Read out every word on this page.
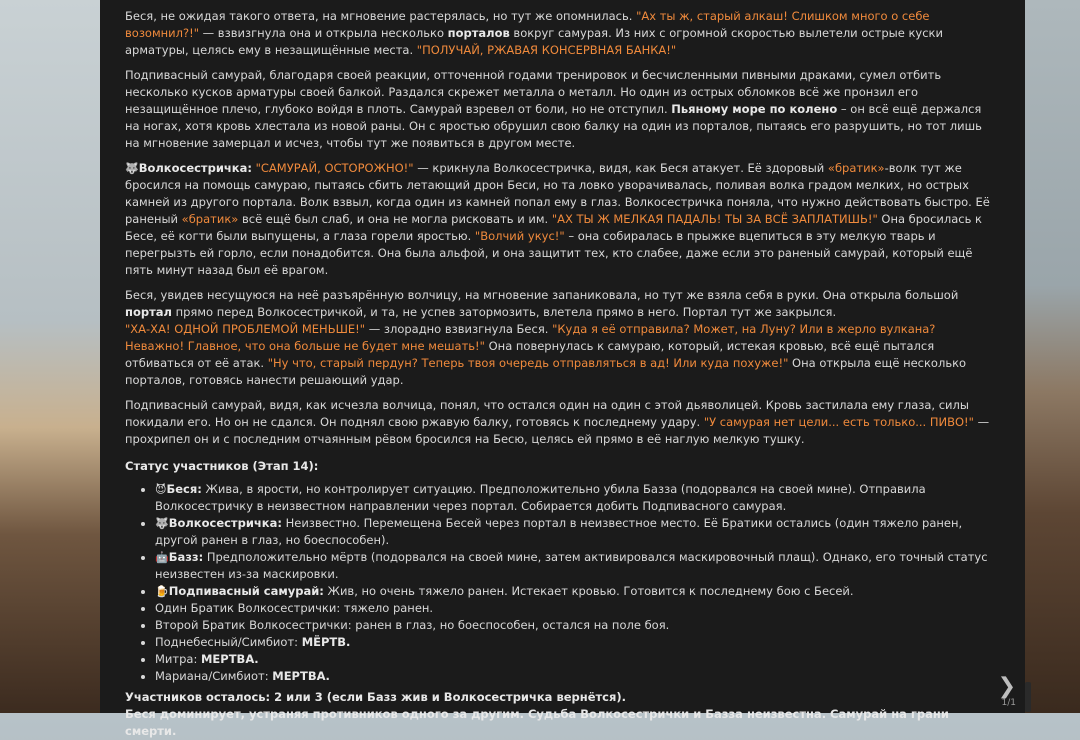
Беся, не ожидая такого ответа, на мгновение растерялась, но тут же опомнилась. "Ах ты ж, старый алкаш! Слишком много о себе возомнил?!" — взвизгнула она и открыла несколько порталов вокруг самурая. Из них с огромной скоростью вылетели острые куски арматуры, целясь ему в незащищённые места. "ПОЛУЧАЙ, РЖАВАЯ КОНСЕРВНАЯ БАНКА!"

Подпивасный самурай, благодаря своей реакции, отточенной годами тренировок и бесчисленными пивными драками, сумел отбить несколько кусков арматуры своей балкой. Раздался скрежет металла о металл. Но один из острых обломков всё же пронзил его незащищённое плечо, глубоко войдя в плоть. Самурай взревел от боли, но не отступил. Пьяному море по колено – он всё ещё держался на ногах, хотя кровь хлестала из новой раны. Он с яростью обрушил свою балку на один из порталов, пытаясь его разрушить, но тот лишь на мгновение замерцал и исчез, чтобы тут же появиться в другом месте.

🐺Волкосестричка: "САМУРАЙ, ОСТОРОЖНО!" — крикнула Волкосестричка, видя, как Беся атакует. Её здоровый «братик»-волк тут же бросился на помощь самураю, пытаясь сбить летающий дрон Беси, но та ловко уворачивалась, поливая волка градом мелких, но острых камней из другого портала. Волк взвыл, когда один из камней попал ему в глаз. Волкосестричка поняла, что нужно действовать быстро. Её раненый «братик» всё ещё был слаб, и она не могла рисковать и им. "АХ ТЫ Ж МЕЛКАЯ ПАДАЛЬ! ТЫ ЗА ВСЁ ЗАПЛАТИШЬ!" Она бросилась к Бесе, её когти были выпущены, а глаза горели яростью. "Волчий укус!" – она собиралась в прыжке вцепиться в эту мелкую тварь и перегрызть ей горло, если понадобится. Она была альфой, и она защитит тех, кто слабее, даже если это раненый самурай, который ещё пять минут назад был её врагом.

Беся, увидев несущуюся на неё разъярённую волчицу, на мгновение запаниковала, но тут же взяла себя в руки. Она открыла большой портал прямо перед Волкосестричкой, и та, не успев затормозить, влетела прямо в него. Портал тут же закрылся.
"ХА-ХА! ОДНОЙ ПРОБЛЕМОЙ МЕНЬШЕ!" — злорадно взвизгнула Беся. "Куда я её отправила? Может, на Луну? Или в жерло вулкана? Неважно! Главное, что она больше не будет мне мешать!" Она повернулась к самураю, который, истекая кровью, всё ещё пытался отбиваться от её атак. "Ну что, старый пердун? Теперь твоя очередь отправляться в ад! Или куда похуже!" Она открыла ещё несколько порталов, готовясь нанести решающий удар.

Подпивасный самурай, видя, как исчезла волчица, понял, что остался один на один с этой дьяволицей. Кровь застилала ему глаза, силы покидали его. Но он не сдался. Он поднял свою ржавую балку, готовясь к последнему удару. "У самурая нет цели... есть только... ПИВО!" — прохрипел он и с последним отчаянным рёвом бросился на Бесю, целясь ей прямо в её наглую мелкую тушку.

Статус участников (Этап 14):
• 😈Беся: Жива, в ярости, но контролирует ситуацию. Предположительно убила Базза (подорвался на своей мине). Отправила Волкосестричку в неизвестном направлении через портал. Собирается добить Подпивасного самурая.
• 🐺Волкосестричка: Неизвестно. Перемещена Бесей через портал в неизвестное место. Её Братики остались (один тяжело ранен, другой ранен в глаз, но боеспособен).
• 🤖Базз: Предположительно мёртв (подорвался на своей мине, затем активировался маскировочный плащ). Однако, его точный статус неизвестен из-за маскировки.
• 🍺Подпивасный самурай: Жив, но очень тяжело ранен. Истекает кровью. Готовится к последнему бою с Бесей.
• Один Братик Волкосестрички: тяжело ранен.
• Второй Братик Волкосестрички: ранен в глаз, но боеспособен, остался на поле боя.
• Поднебесный/Симбиот: МЁРТВ.
• Митра: МЕРТВА.
• Мариана/Симбиот: МЕРТВА.
Участников осталось: 2 или 3 (если Базз жив и Волкосестричка вернётся).
Беся доминирует, устраняя противников одного за другим. Судьба Волкосестрички и Базза неизвестна. Самурай на грани смерти.
❯
1/1
